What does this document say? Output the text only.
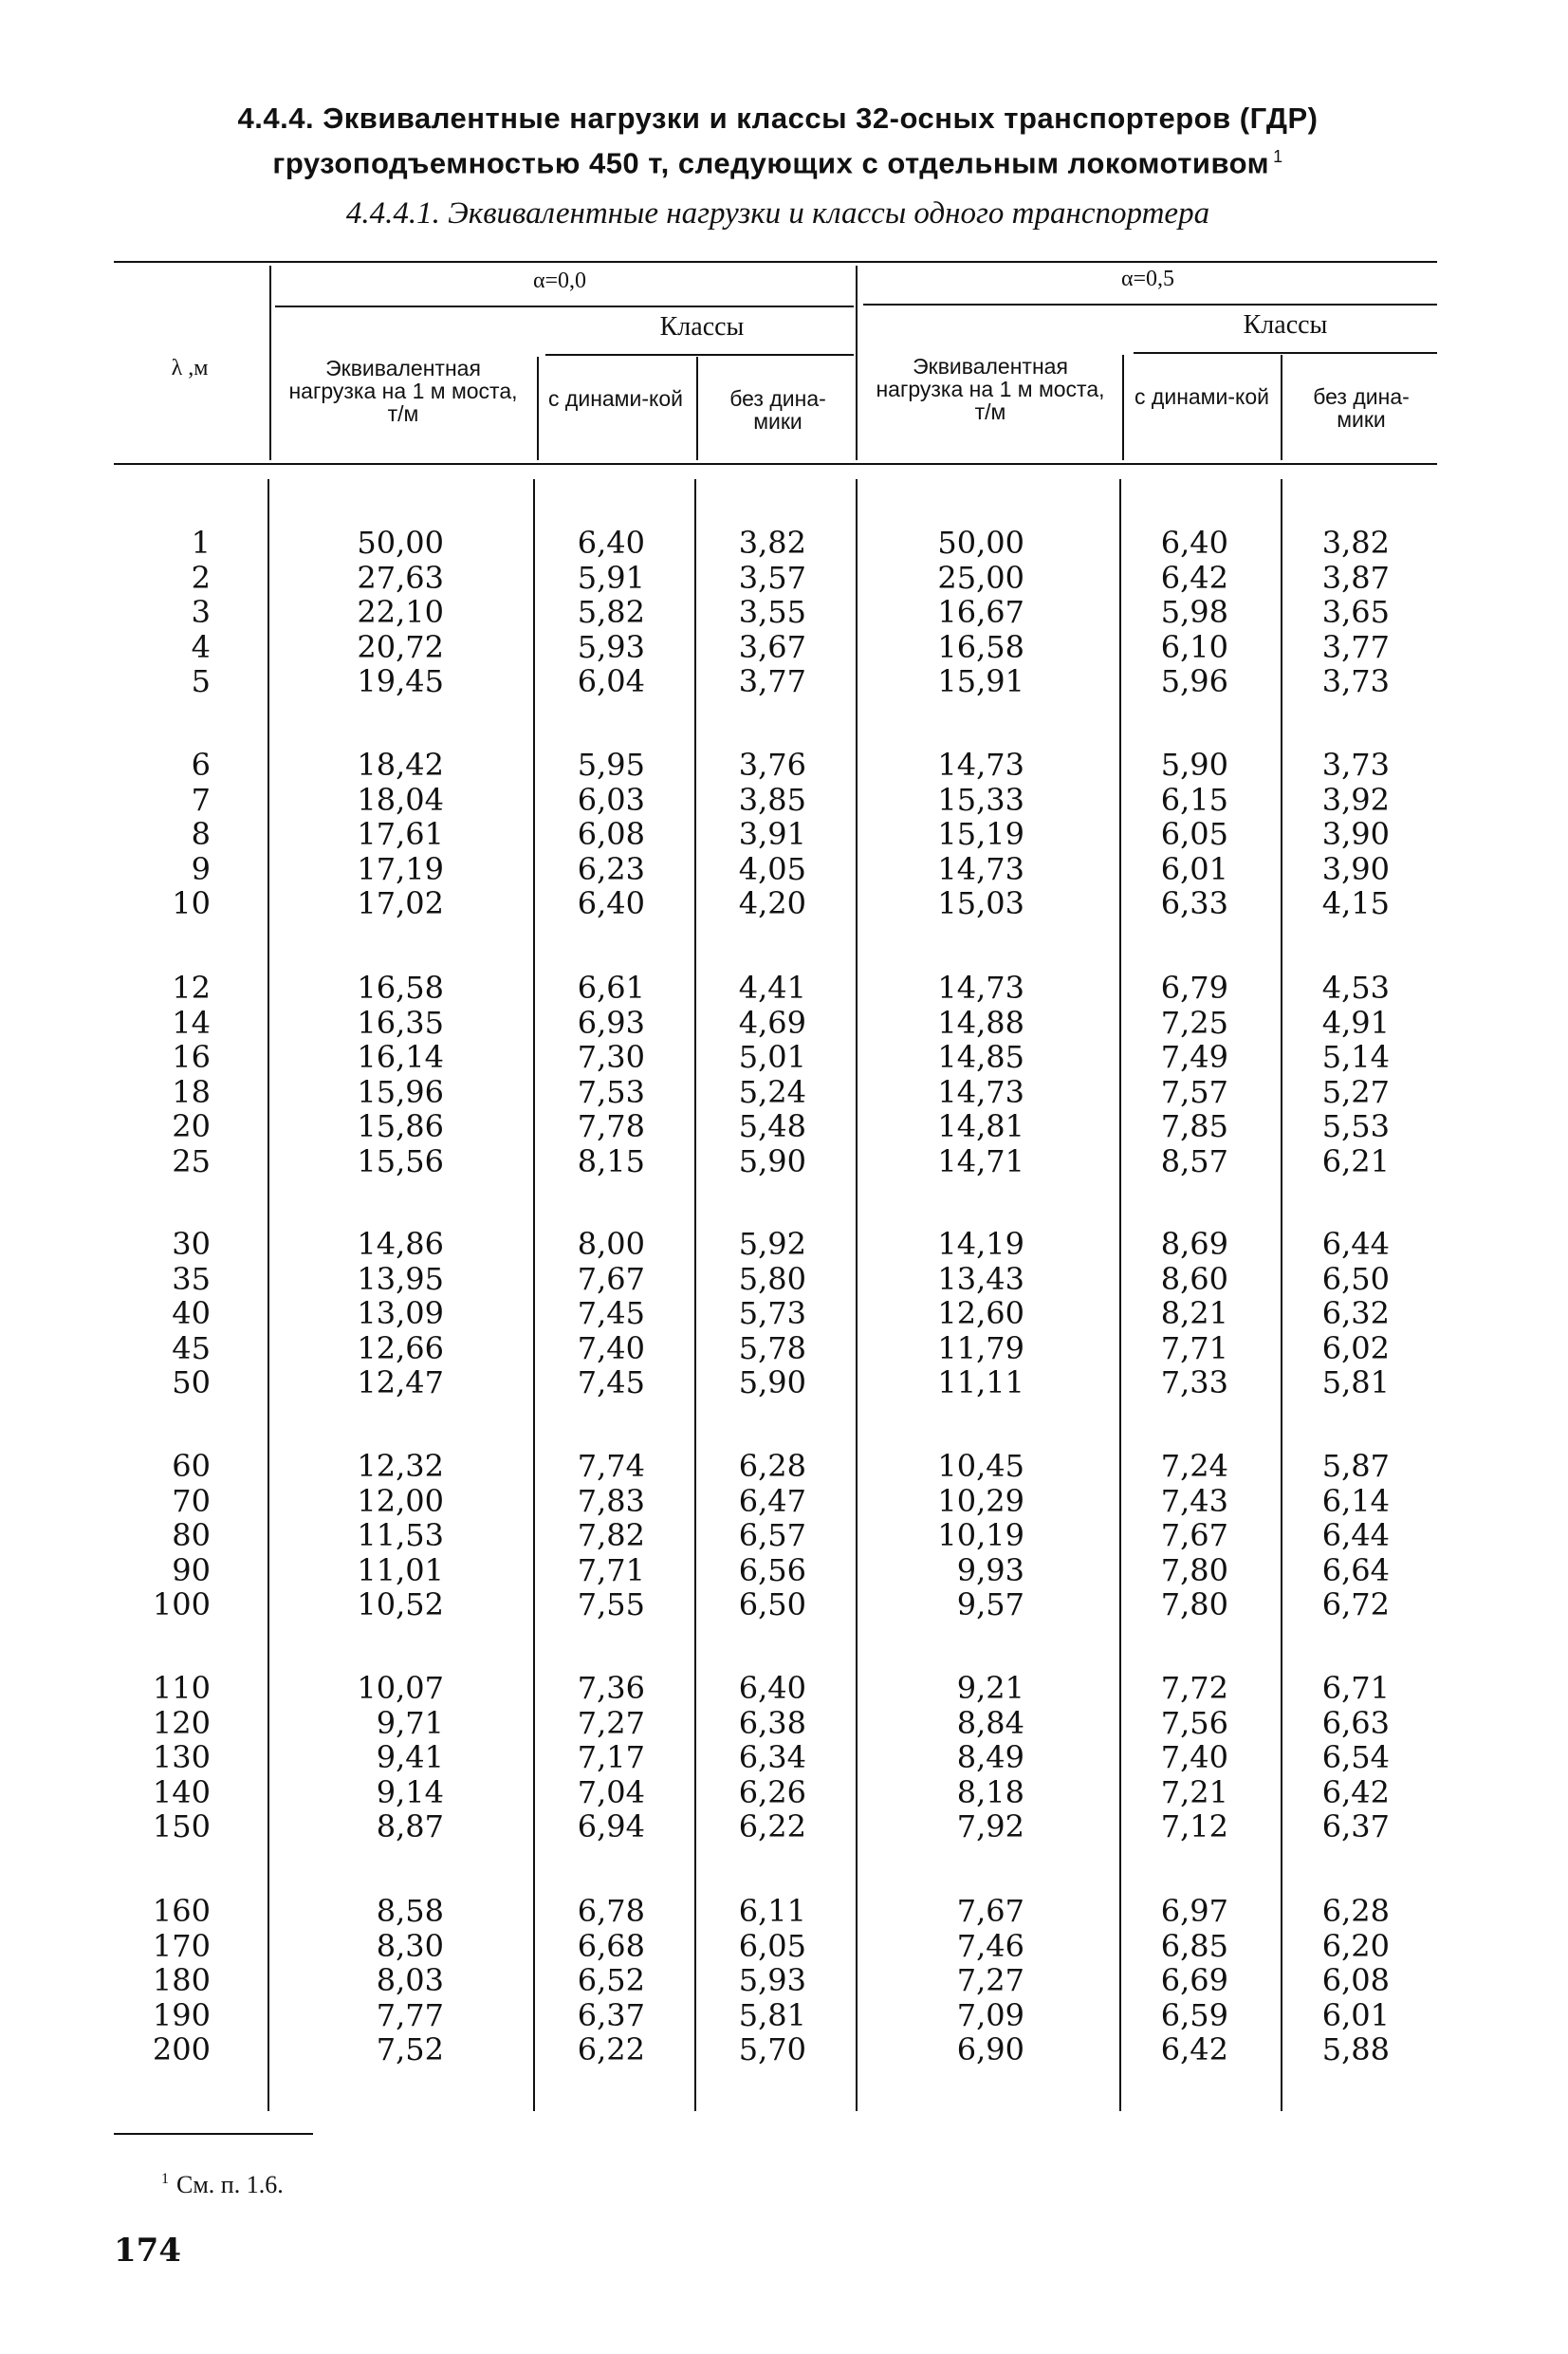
4.4.4. Эквивалентные нагрузки и классы 32-осных транспортеров (ГДР)
грузоподъемностью 450 т, следующих с отдельным локомотивом $^1$
4.4.4.1. Эквивалентные нагрузки и классы одного транспортера
λ ,м
α=0,0	α=0,5
Классы	Классы
Эквивалентная нагрузка на 1 м моста, т/м
Эквивалентная нагрузка на 1 м моста, т/м
с динами-кой	без дина-мики
с динами-кой	без дина-мики
1	50,00	6,40	3,82	50,00	6,40	3,82
2	27,63	5,91	3,57	25,00	6,42	3,87
3	22,10	5,82	3,55	16,67	5,98	3,65
4	20,72	5,93	3,67	16,58	6,10	3,77
5	19,45	6,04	3,77	15,91	5,96	3,73
6	18,42	5,95	3,76	14,73	5,90	3,73
7	18,04	6,03	3,85	15,33	6,15	3,92
8	17,61	6,08	3,91	15,19	6,05	3,90
9	17,19	6,23	4,05	14,73	6,01	3,90
10	17,02	6,40	4,20	15,03	6,33	4,15
12	16,58	6,61	4,41	14,73	6,79	4,53
14	16,35	6,93	4,69	14,88	7,25	4,91
16	16,14	7,30	5,01	14,85	7,49	5,14
18	15,96	7,53	5,24	14,73	7,57	5,27
20	15,86	7,78	5,48	14,81	7,85	5,53
25	15,56	8,15	5,90	14,71	8,57	6,21
30	14,86	8,00	5,92	14,19	8,69	6,44
35	13,95	7,67	5,80	13,43	8,60	6,50
40	13,09	7,45	5,73	12,60	8,21	6,32
45	12,66	7,40	5,78	11,79	7,71	6,02
50	12,47	7,45	5,90	11,11	7,33	5,81
60	12,32	7,74	6,28	10,45	7,24	5,87
70	12,00	7,83	6,47	10,29	7,43	6,14
80	11,53	7,82	6,57	10,19	7,67	6,44
90	11,01	7,71	6,56	9,93	7,80	6,64
100	10,52	7,55	6,50	9,57	7,80	6,72
110	10,07	7,36	6,40	9,21	7,72	6,71
120	9,71	7,27	6,38	8,84	7,56	6,63
130	9,41	7,17	6,34	8,49	7,40	6,54
140	9,14	7,04	6,26	8,18	7,21	6,42
150	8,87	6,94	6,22	7,92	7,12	6,37
160	8,58	6,78	6,11	7,67	6,97	6,28
170	8,30	6,68	6,05	7,46	6,85	6,20
180	8,03	6,52	5,93	7,27	6,69	6,08
190	7,77	6,37	5,81	7,09	6,59	6,01
200	7,52	6,22	5,70	6,90	6,42	5,88
$^1$ См. п. 1.6.
174
